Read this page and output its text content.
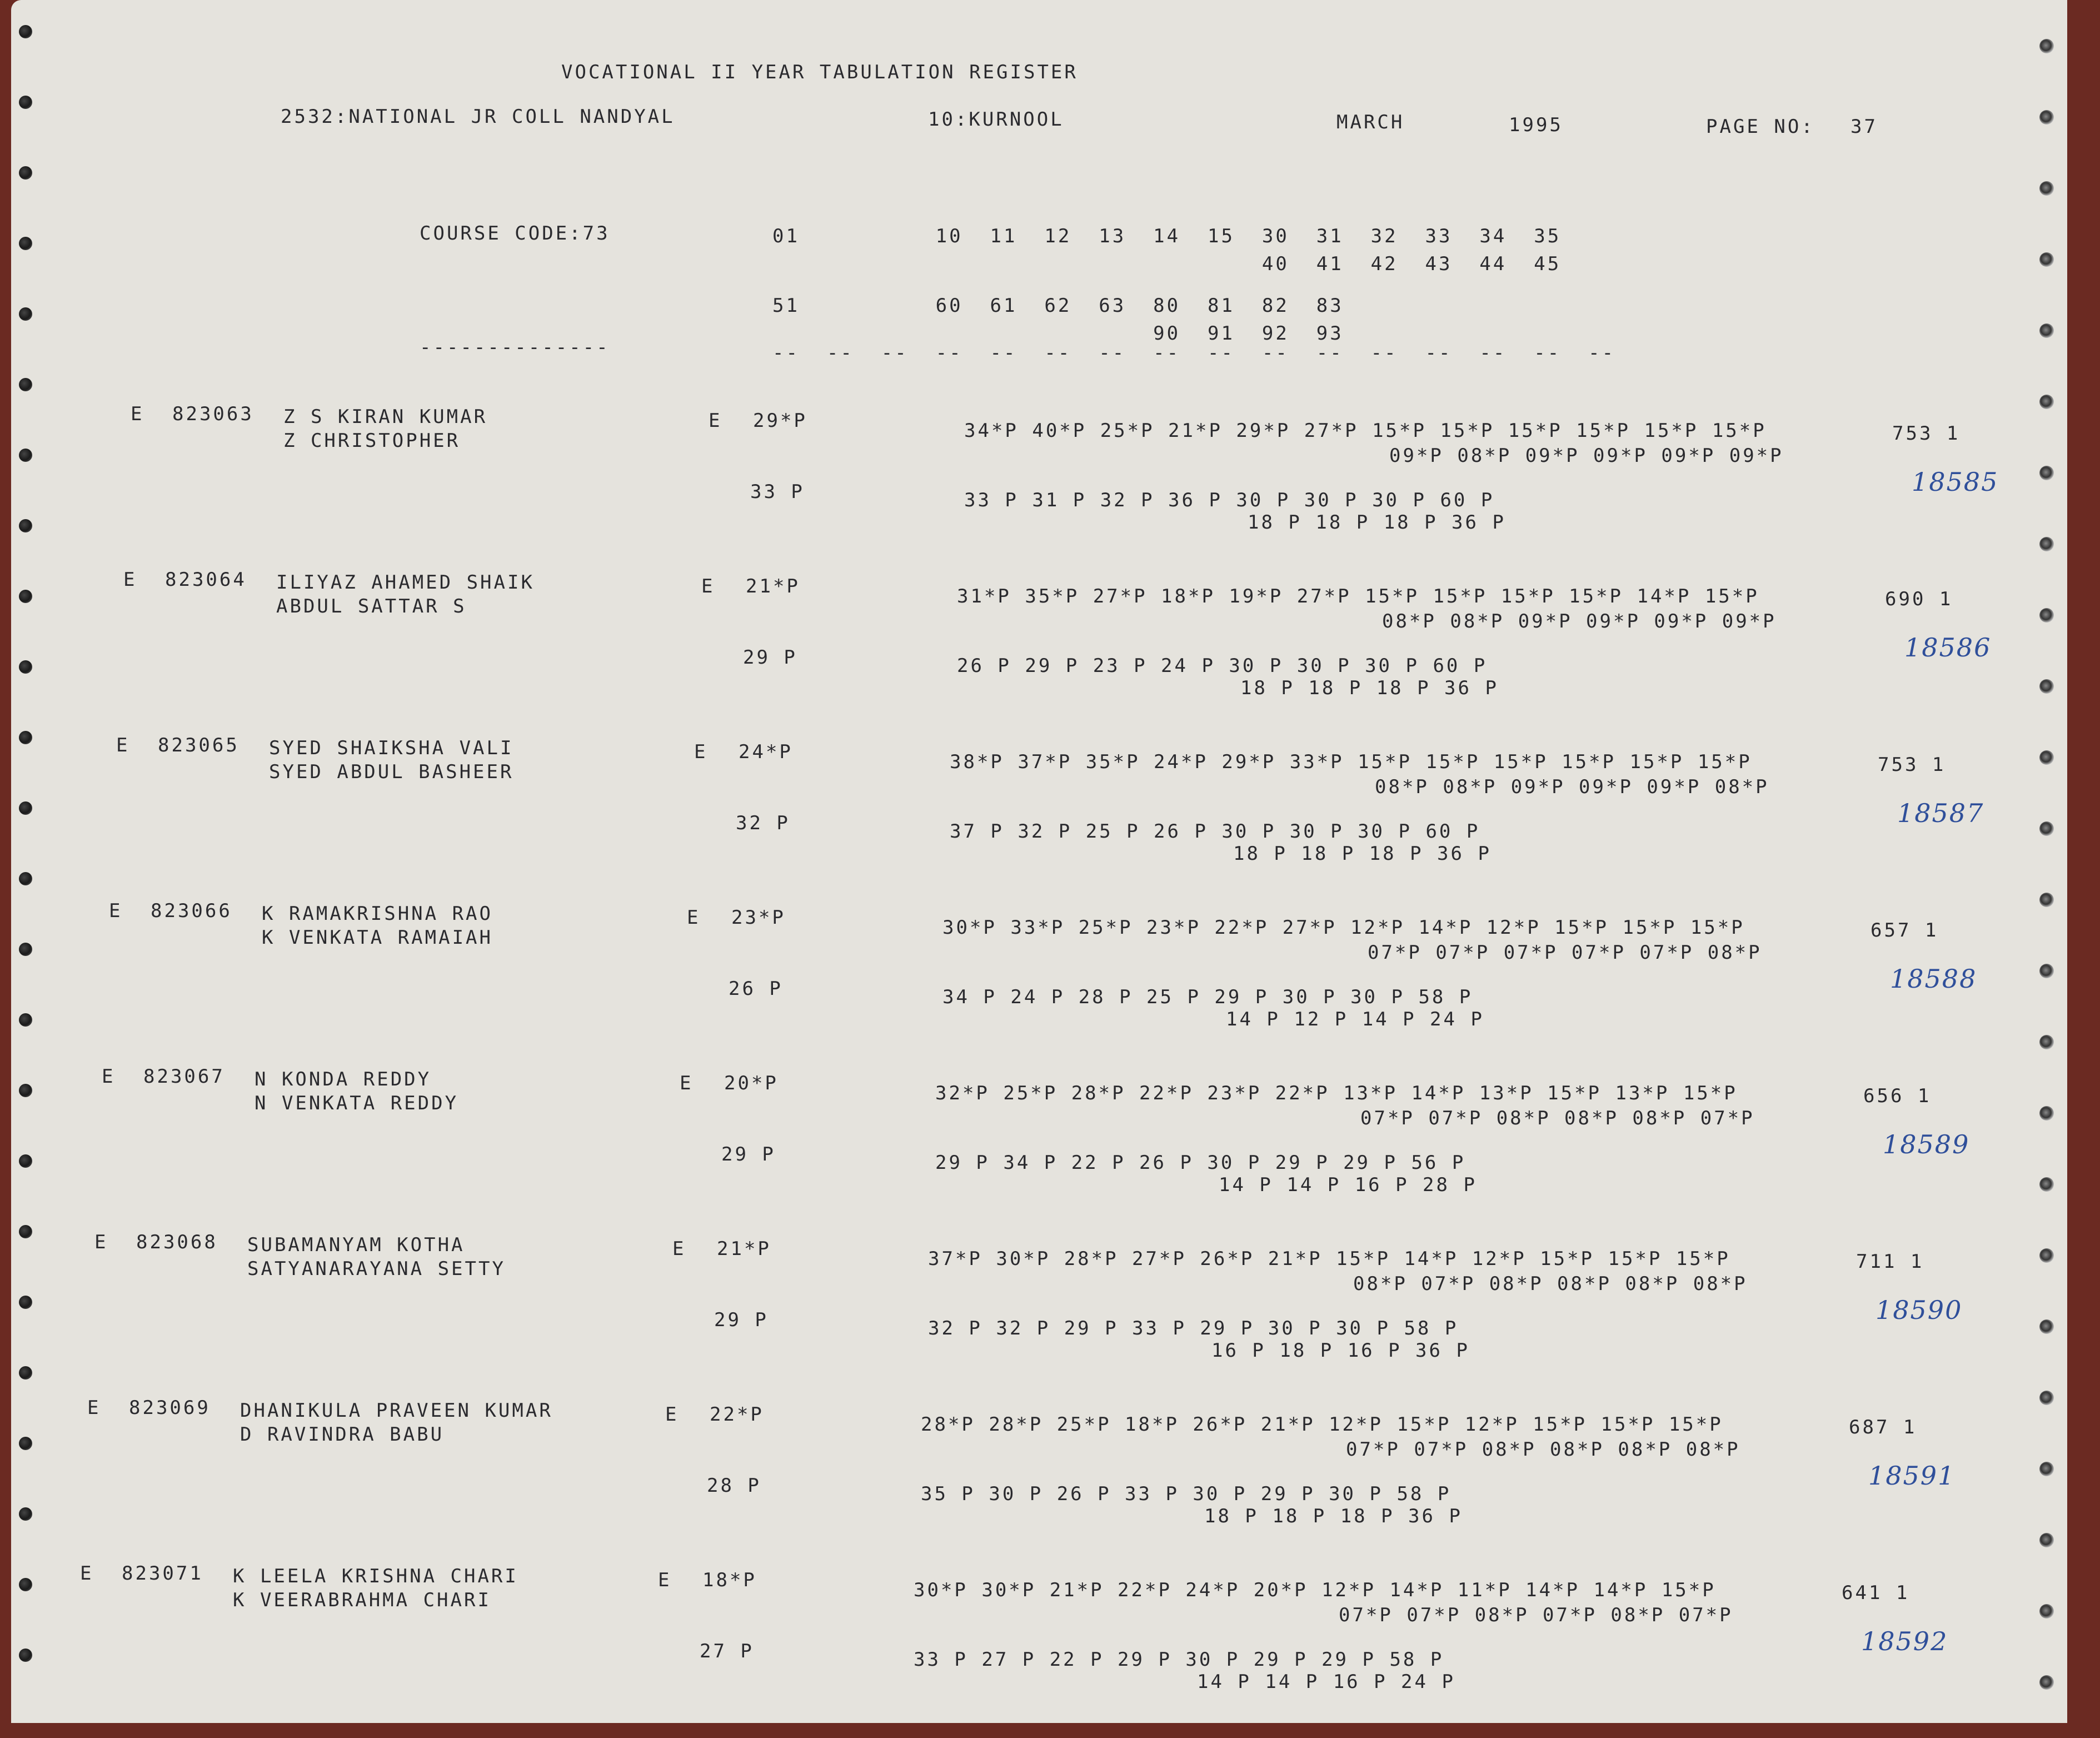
VOCATIONAL II YEAR TABULATION REGISTER
2532:NATIONAL JR COLL NANDYAL	10:KURNOOL	MARCH	1995	PAGE NO: 37
COURSE CODE:73	01          10  11  12  13  14  15  30  31  32  33  34  35
40  41  42  43  44  45
51          60  61  62  63  80  81  82  83
90  91  92  93
--------------	--  --  --  --  --  --  --  --  --  --  --  --  --  --  --  --
E 823063 Z S KIRAN KUMAR
Z CHRISTOPHER
E 29*P
33 P
34*P 40*P 25*P 21*P 29*P 27*P 15*P 15*P 15*P 15*P 15*P 15*P
09*P 08*P 09*P 09*P 09*P 09*P
33 P 31 P 32 P 36 P 30 P 30 P 30 P 60 P
18 P 18 P 18 P 36 P
753 1
18585
E 823064 ILIYAZ AHAMED SHAIK
ABDUL SATTAR S
E 21*P
29 P
31*P 35*P 27*P 18*P 19*P 27*P 15*P 15*P 15*P 15*P 14*P 15*P
08*P 08*P 09*P 09*P 09*P 09*P
26 P 29 P 23 P 24 P 30 P 30 P 30 P 60 P
18 P 18 P 18 P 36 P
690 1
18586
E 823065 SYED SHAIKSHA VALI
SYED ABDUL BASHEER
E 24*P
32 P
38*P 37*P 35*P 24*P 29*P 33*P 15*P 15*P 15*P 15*P 15*P 15*P
08*P 08*P 09*P 09*P 09*P 08*P
37 P 32 P 25 P 26 P 30 P 30 P 30 P 60 P
18 P 18 P 18 P 36 P
753 1
18587
E 823066 K RAMAKRISHNA RAO
K VENKATA RAMAIAH
E 23*P
26 P
30*P 33*P 25*P 23*P 22*P 27*P 12*P 14*P 12*P 15*P 15*P 15*P
07*P 07*P 07*P 07*P 07*P 08*P
34 P 24 P 28 P 25 P 29 P 30 P 30 P 58 P
14 P 12 P 14 P 24 P
657 1
18588
E 823067 N KONDA REDDY
N VENKATA REDDY
E 20*P
29 P
32*P 25*P 28*P 22*P 23*P 22*P 13*P 14*P 13*P 15*P 13*P 15*P
07*P 07*P 08*P 08*P 08*P 07*P
29 P 34 P 22 P 26 P 30 P 29 P 29 P 56 P
14 P 14 P 16 P 28 P
656 1
18589
E 823068 SUBAMANYAM KOTHA
SATYANARAYANA SETTY
E 21*P
29 P
37*P 30*P 28*P 27*P 26*P 21*P 15*P 14*P 12*P 15*P 15*P 15*P
08*P 07*P 08*P 08*P 08*P 08*P
32 P 32 P 29 P 33 P 29 P 30 P 30 P 58 P
16 P 18 P 16 P 36 P
711 1
18590
E 823069 DHANIKULA PRAVEEN KUMAR
D RAVINDRA BABU
E 22*P
28 P
28*P 28*P 25*P 18*P 26*P 21*P 12*P 15*P 12*P 15*P 15*P 15*P
07*P 07*P 08*P 08*P 08*P 08*P
35 P 30 P 26 P 33 P 30 P 29 P 30 P 58 P
18 P 18 P 18 P 36 P
687 1
18591
E 823071 K LEELA KRISHNA CHARI
K VEERABRAHMA CHARI
E 18*P
27 P
30*P 30*P 21*P 22*P 24*P 20*P 12*P 14*P 11*P 14*P 14*P 15*P
07*P 07*P 08*P 07*P 08*P 07*P
33 P 27 P 22 P 29 P 30 P 29 P 29 P 58 P
14 P 14 P 16 P 24 P
641 1
18592
